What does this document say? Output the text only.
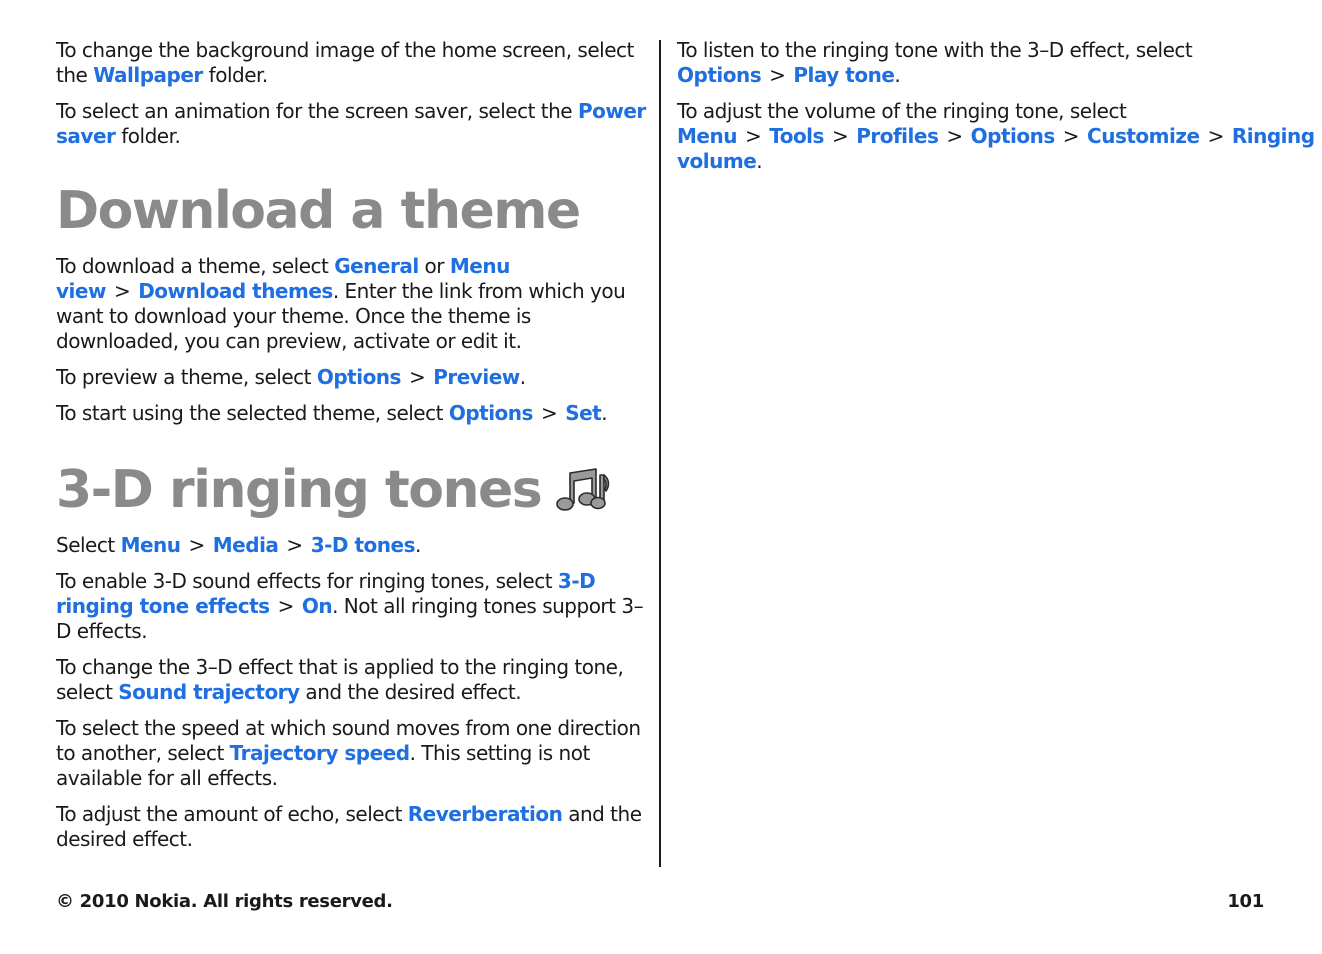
To change the background image of the home screen, select the Wallpaper folder.

To select an animation for the screen saver, select the Power saver folder.

Download a theme

To download a theme, select General or Menu view > Download themes. Enter the link from which you want to download your theme. Once the theme is downloaded, you can preview, activate or edit it.

To preview a theme, select Options > Preview.

To start using the selected theme, select Options > Set.

3-D ringing tones

Select Menu > Media > 3-D tones.

To enable 3-D sound effects for ringing tones, select 3-D ringing tone effects > On. Not all ringing tones support 3–D effects.

To change the 3–D effect that is applied to the ringing tone, select Sound trajectory and the desired effect.

To select the speed at which sound moves from one direction to another, select Trajectory speed. This setting is not available for all effects.

To adjust the amount of echo, select Reverberation and the desired effect.

To listen to the ringing tone with the 3–D effect, select Options > Play tone.

To adjust the volume of the ringing tone, select Menu > Tools > Profiles > Options > Customize > Ringing volume.

© 2010 Nokia. All rights reserved.	101
